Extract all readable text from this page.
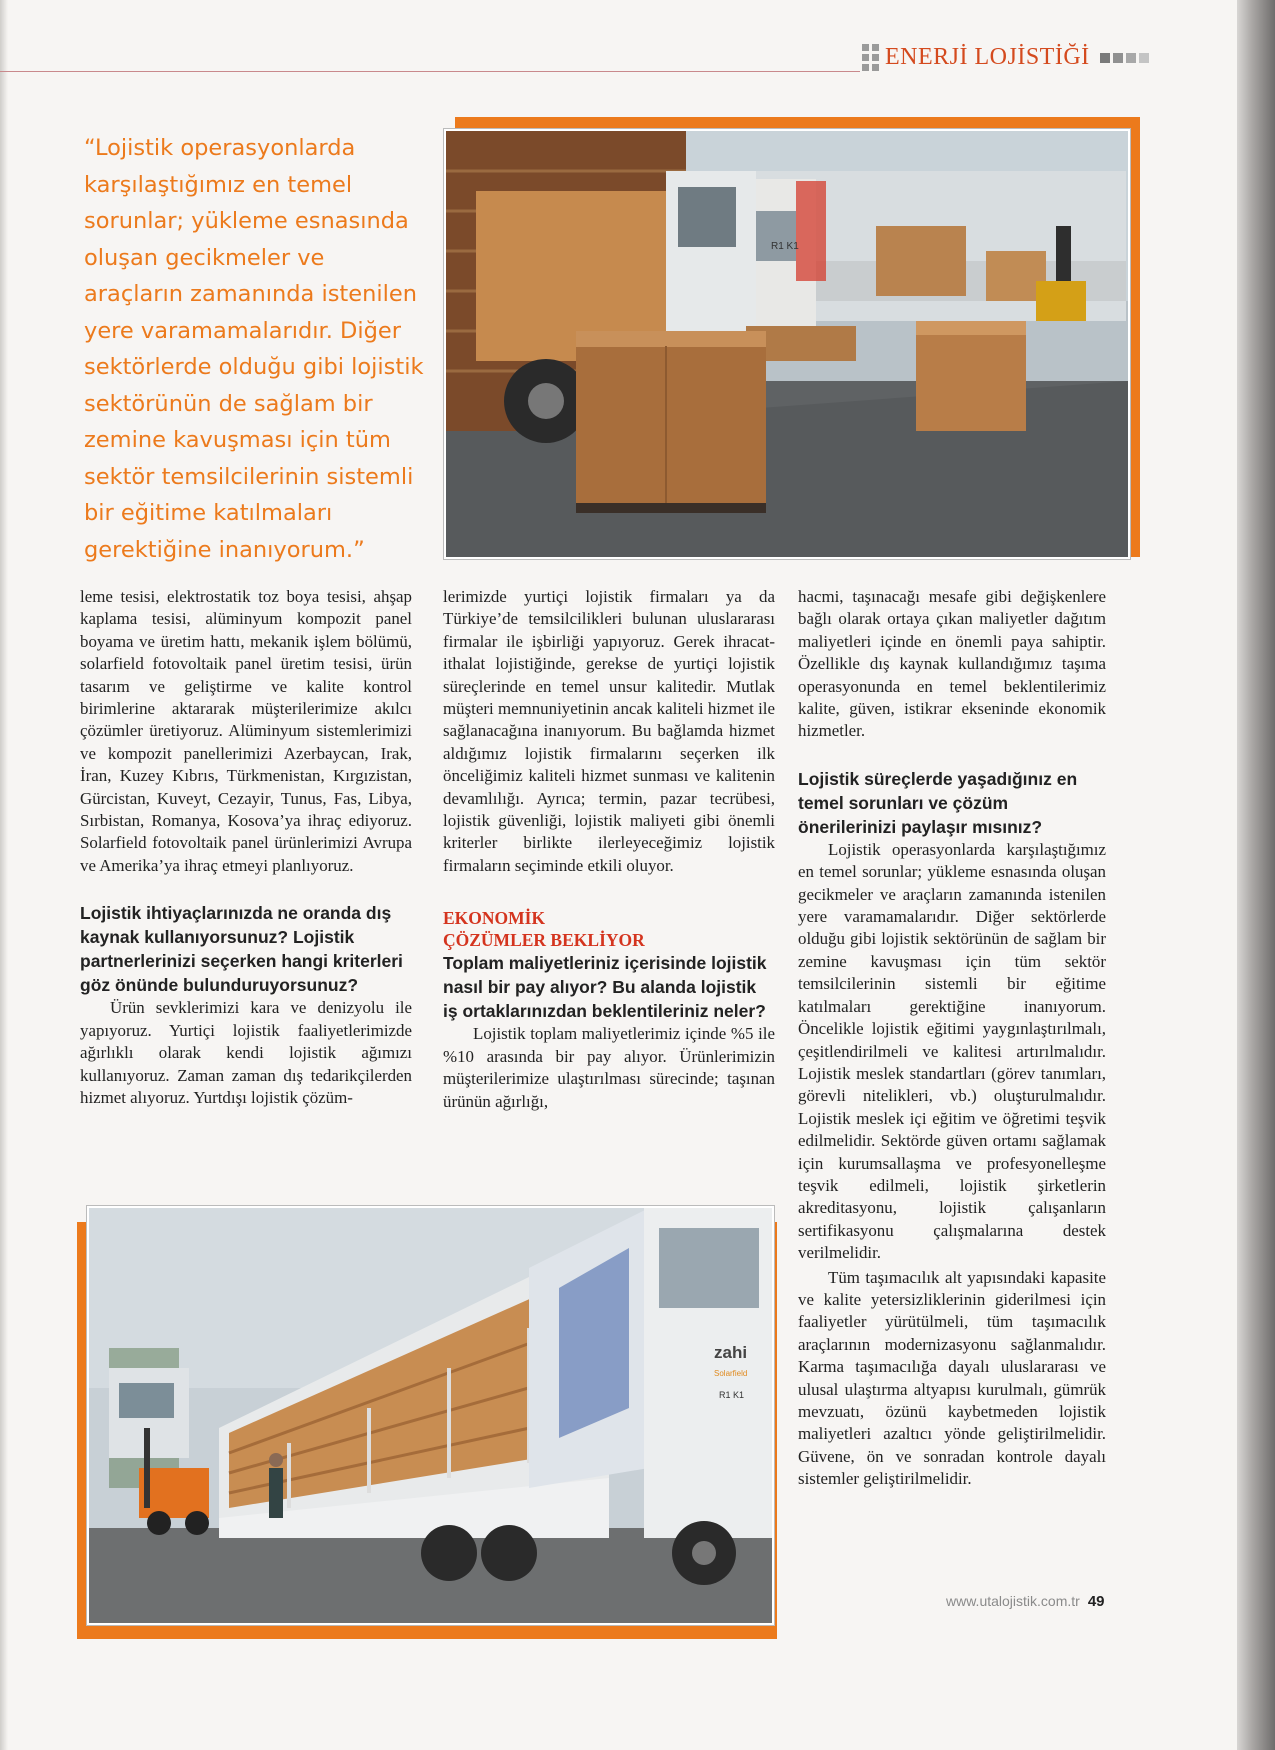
ENERJİ LOJİSTİĞİ

“Lojistik operasyonlarda karşılaştığımız en temel sorunlar; yükleme esnasında oluşan gecikmeler ve araçların zamanında istenilen yere varamamalarıdır. Diğer sektörlerde olduğu gibi lojistik sektörünün de sağlam bir zemine kavuşması için tüm sektör temsilcilerinin sistemli bir eğitime katılmaları gerektiğine inanıyorum.”

R1 K1

leme tesisi, elektrostatik toz boya tesisi, ahşap kaplama tesisi, alüminyum kompozit panel boyama ve üretim hattı, mekanik işlem bölümü, solarfield fotovoltaik panel üretim tesisi, ürün tasarım ve geliştirme ve kalite kontrol birimlerine aktararak müşterilerimize akılcı çözümler üretiyoruz. Alüminyum sistemlerimizi ve kompozit panellerimizi Azerbaycan, Irak, İran, Kuzey Kıbrıs, Türkmenistan, Kırgızistan, Gürcistan, Kuveyt, Cezayir, Tunus, Fas, Libya, Sırbistan, Romanya, Kosova’ya ihraç ediyoruz. Solarfield fotovoltaik panel ürünlerimizi Avrupa ve Amerika’ya ihraç etmeyi planlıyoruz.

Lojistik ihtiyaçlarınızda ne oranda dış kaynak kullanıyorsunuz? Lojistik partnerlerinizi seçerken hangi kriterleri göz önünde bulunduruyorsunuz?

Ürün sevklerimizi kara ve denizyolu ile yapıyoruz. Yurtiçi lojistik faaliyetlerimizde ağırlıklı olarak kendi lojistik ağımızı kullanıyoruz. Zaman zaman dış tedarikçilerden hizmet alıyoruz. Yurtdışı lojistik çözüm-

lerimizde yurtiçi lojistik firmaları ya da Türkiye’de temsilcilikleri bulunan uluslararası firmalar ile işbirliği yapıyoruz. Gerek ihracat-ithalat lojistiğinde, gerekse de yurtiçi lojistik süreçlerinde en temel unsur kalitedir. Mutlak müşteri memnuniyetinin ancak kaliteli hizmet ile sağlanacağına inanıyorum. Bu bağlamda hizmet aldığımız lojistik firmalarını seçerken ilk önceliğimiz kaliteli hizmet sunması ve kalitenin devamlılığı. Ayrıca; termin, pazar tecrübesi, lojistik güvenliği, lojistik maliyeti gibi önemli kriterler birlikte ilerleyeceğimiz lojistik firmaların seçiminde etkili oluyor.

EKONOMİK

ÇÖZÜMLER BEKLİYOR

Toplam maliyetleriniz içerisinde lojistik nasıl bir pay alıyor? Bu alanda lojistik iş ortaklarınızdan beklentileriniz neler?

Lojistik toplam maliyetlerimiz içinde %5 ile %10 arasında bir pay alıyor. Ürünlerimizin müşterilerimize ulaştırılması sürecinde; taşınan ürünün ağırlığı,

hacmi, taşınacağı mesafe gibi değişkenlere bağlı olarak ortaya çıkan maliyetler dağıtım maliyetleri içinde en önemli paya sahiptir. Özellikle dış kaynak kullandığımız taşıma operasyonunda en temel beklentilerimiz kalite, güven, istikrar ekseninde ekonomik hizmetler.

Lojistik süreçlerde yaşadığınız en temel sorunları ve çözüm önerilerinizi paylaşır mısınız?

Lojistik operasyonlarda karşılaştığımız en temel sorunlar; yükleme esnasında oluşan gecikmeler ve araçların zamanında istenilen yere varamamalarıdır. Diğer sektörlerde olduğu gibi lojistik sektörünün de sağlam bir zemine kavuşması için tüm sektör temsilcilerinin sistemli bir eğitime katılmaları gerektiğine inanıyorum. Öncelikle lojistik eğitimi yaygınlaştırılmalı, çeşitlendirilmeli ve kalitesi artırılmalıdır. Lojistik meslek standartları (görev tanımları, görevli nitelikleri, vb.) oluşturulmalıdır. Lojistik meslek içi eğitim ve öğretimi teşvik edilmelidir. Sektörde güven ortamı sağlamak için kurumsallaşma ve profesyonelleşme teşvik edilmeli, lojistik şirketlerin akreditasyonu, lojistik çalışanların sertifikasyonu çalışmalarına destek verilmelidir.

Tüm taşımacılık alt yapısındaki kapasite ve kalite yetersizliklerinin giderilmesi için faaliyetler yürütülmeli, tüm taşımacılık araçlarının modernizasyonu sağlanmalıdır. Karma taşımacılığa dayalı uluslararası ve ulusal ulaştırma altyapısı kurulmalı, gümrük mevzuatı, özünü kaybetmeden lojistik maliyetleri azaltıcı yönde geliştirilmelidir. Güvene, ön ve sonradan kontrole dayalı sistemler geliştirilmelidir.

zahi
Solarfield
R1 K1
www.utalojistik.com.tr 49
